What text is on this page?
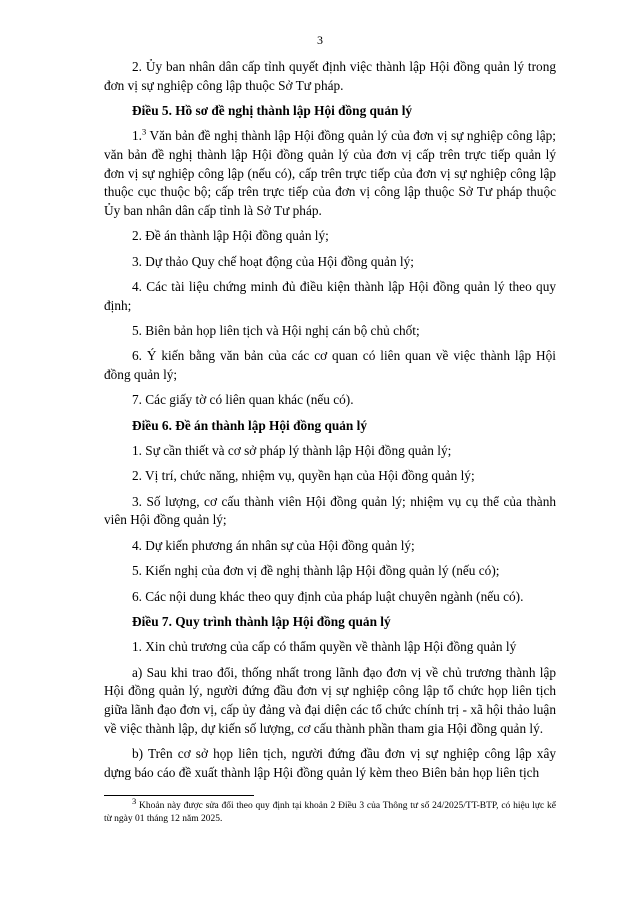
3

2. Ủy ban nhân dân cấp tỉnh quyết định việc thành lập Hội đồng quản lý trong đơn vị sự nghiệp công lập thuộc Sở Tư pháp.

Điều 5. Hồ sơ đề nghị thành lập Hội đồng quản lý

1.$^3$ Văn bản đề nghị thành lập Hội đồng quản lý của đơn vị sự nghiệp công lập; văn bản đề nghị thành lập Hội đồng quản lý của đơn vị cấp trên trực tiếp quản lý đơn vị sự nghiệp công lập (nếu có), cấp trên trực tiếp của đơn vị sự nghiệp công lập thuộc cục thuộc bộ; cấp trên trực tiếp của đơn vị công lập thuộc Sở Tư pháp thuộc Ủy ban nhân dân cấp tỉnh là Sở Tư pháp.

2. Đề án thành lập Hội đồng quản lý;

3. Dự thảo Quy chế hoạt động của Hội đồng quản lý;

4. Các tài liệu chứng minh đủ điều kiện thành lập Hội đồng quản lý theo quy định;

5. Biên bản họp liên tịch và Hội nghị cán bộ chủ chốt;

6. Ý kiến bằng văn bản của các cơ quan có liên quan về việc thành lập Hội đồng quản lý;

7. Các giấy tờ có liên quan khác (nếu có).

Điều 6. Đề án thành lập Hội đồng quản lý

1. Sự cần thiết và cơ sở pháp lý thành lập Hội đồng quản lý;

2. Vị trí, chức năng, nhiệm vụ, quyền hạn của Hội đồng quản lý;

3. Số lượng, cơ cấu thành viên Hội đồng quản lý; nhiệm vụ cụ thể của thành viên Hội đồng quản lý;

4. Dự kiến phương án nhân sự của Hội đồng quản lý;

5. Kiến nghị của đơn vị đề nghị thành lập Hội đồng quản lý (nếu có);

6. Các nội dung khác theo quy định của pháp luật chuyên ngành (nếu có).

Điều 7. Quy trình thành lập Hội đồng quản lý

1. Xin chủ trương của cấp có thẩm quyền về thành lập Hội đồng quản lý

a) Sau khi trao đổi, thống nhất trong lãnh đạo đơn vị về chủ trương thành lập Hội đồng quản lý, người đứng đầu đơn vị sự nghiệp công lập tổ chức họp liên tịch giữa lãnh đạo đơn vị, cấp ủy đảng và đại diện các tổ chức chính trị - xã hội thảo luận về việc thành lập, dự kiến số lượng, cơ cấu thành phần tham gia Hội đồng quản lý.

b) Trên cơ sở họp liên tịch, người đứng đầu đơn vị sự nghiệp công lập xây dựng báo cáo đề xuất thành lập Hội đồng quản lý kèm theo Biên bản họp liên tịch

$^3$ Khoản này được sửa đổi theo quy định tại khoản 2 Điều 3 của Thông tư số 24/2025/TT-BTP, có hiệu lực kể từ ngày 01 tháng 12 năm 2025.
